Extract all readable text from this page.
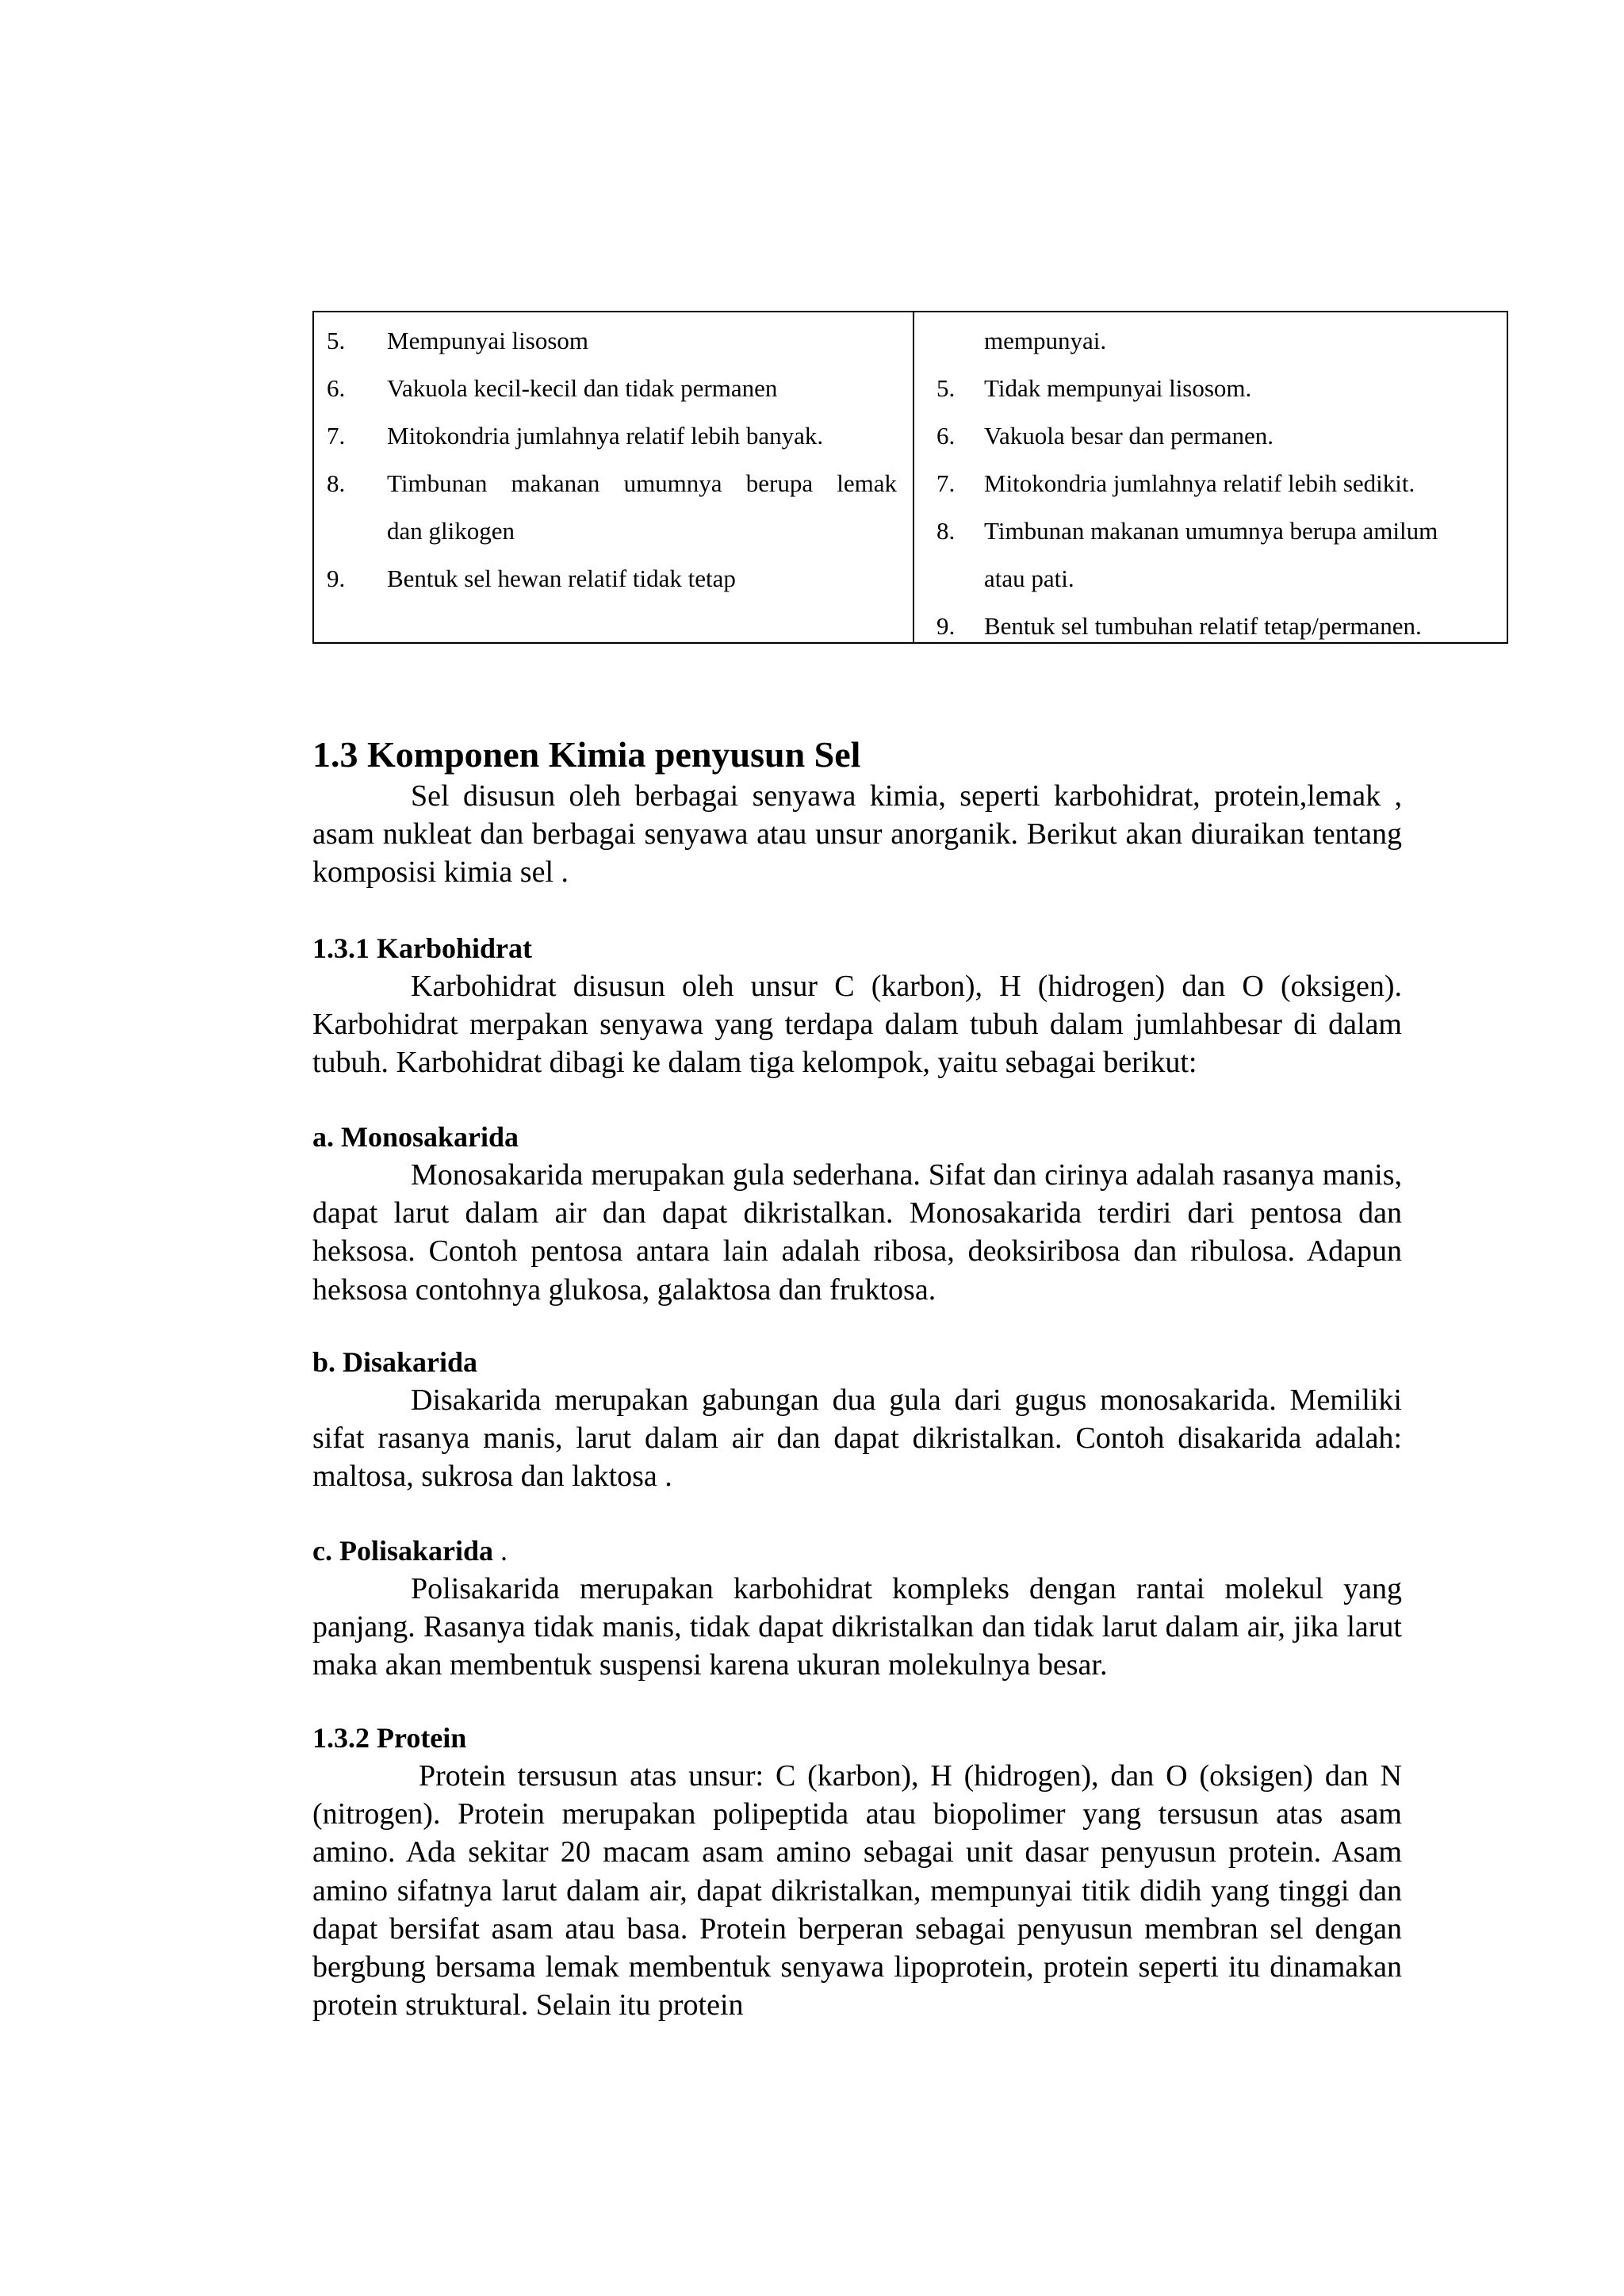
5. Mempunyai lisosom
6. Vakuola kecil-kecil dan tidak permanen
7. Mitokondria jumlahnya relatif lebih banyak.
8. Timbunan makanan umumnya berupa lemak
dan glikogen
9. Bentuk sel hewan relatif tidak tetap
mempunyai.
5. Tidak mempunyai lisosom.
6. Vakuola besar dan permanen.
7. Mitokondria jumlahnya relatif lebih sedikit.
8. Timbunan makanan umumnya berupa amilum
atau pati.
9. Bentuk sel tumbuhan relatif tetap/permanen.
1.3 Komponen Kimia penyusun Sel

Sel disusun oleh berbagai senyawa kimia, seperti karbohidrat, protein,lemak , asam nukleat dan berbagai senyawa atau unsur anorganik. Berikut akan diuraikan tentang komposisi kimia sel .

1.3.1 Karbohidrat

Karbohidrat disusun oleh unsur C (karbon), H (hidrogen) dan O (oksigen). Karbohidrat merpakan senyawa yang terdapa dalam tubuh dalam jumlahbesar di dalam tubuh. Karbohidrat dibagi ke dalam tiga kelompok, yaitu sebagai berikut:

a. Monosakarida

Monosakarida merupakan gula sederhana. Sifat dan cirinya adalah rasanya manis, dapat larut dalam air dan dapat dikristalkan. Monosakarida terdiri dari pentosa dan heksosa. Contoh pentosa antara lain adalah ribosa, deoksiribosa dan ribulosa. Adapun heksosa contohnya glukosa, galaktosa dan fruktosa.

b. Disakarida

Disakarida merupakan gabungan dua gula dari gugus monosakarida. Memiliki sifat rasanya manis, larut dalam air dan dapat dikristalkan. Contoh disakarida adalah: maltosa, sukrosa dan laktosa .

c. Polisakarida .

Polisakarida merupakan karbohidrat kompleks dengan rantai molekul yang panjang. Rasanya tidak manis, tidak dapat dikristalkan dan tidak larut dalam air, jika larut maka akan membentuk suspensi karena ukuran molekulnya besar.

1.3.2 Protein

Protein tersusun atas unsur: C (karbon), H (hidrogen), dan O (oksigen) dan N (nitrogen). Protein merupakan polipeptida atau biopolimer yang tersusun atas asam amino. Ada sekitar 20 macam asam amino sebagai unit dasar penyusun protein. Asam amino sifatnya larut dalam air, dapat dikristalkan, mempunyai titik didih yang tinggi dan dapat bersifat asam atau basa. Protein berperan sebagai penyusun membran sel dengan bergbung bersama lemak membentuk senyawa lipoprotein, protein seperti itu dinamakan protein struktural. Selain itu protein
